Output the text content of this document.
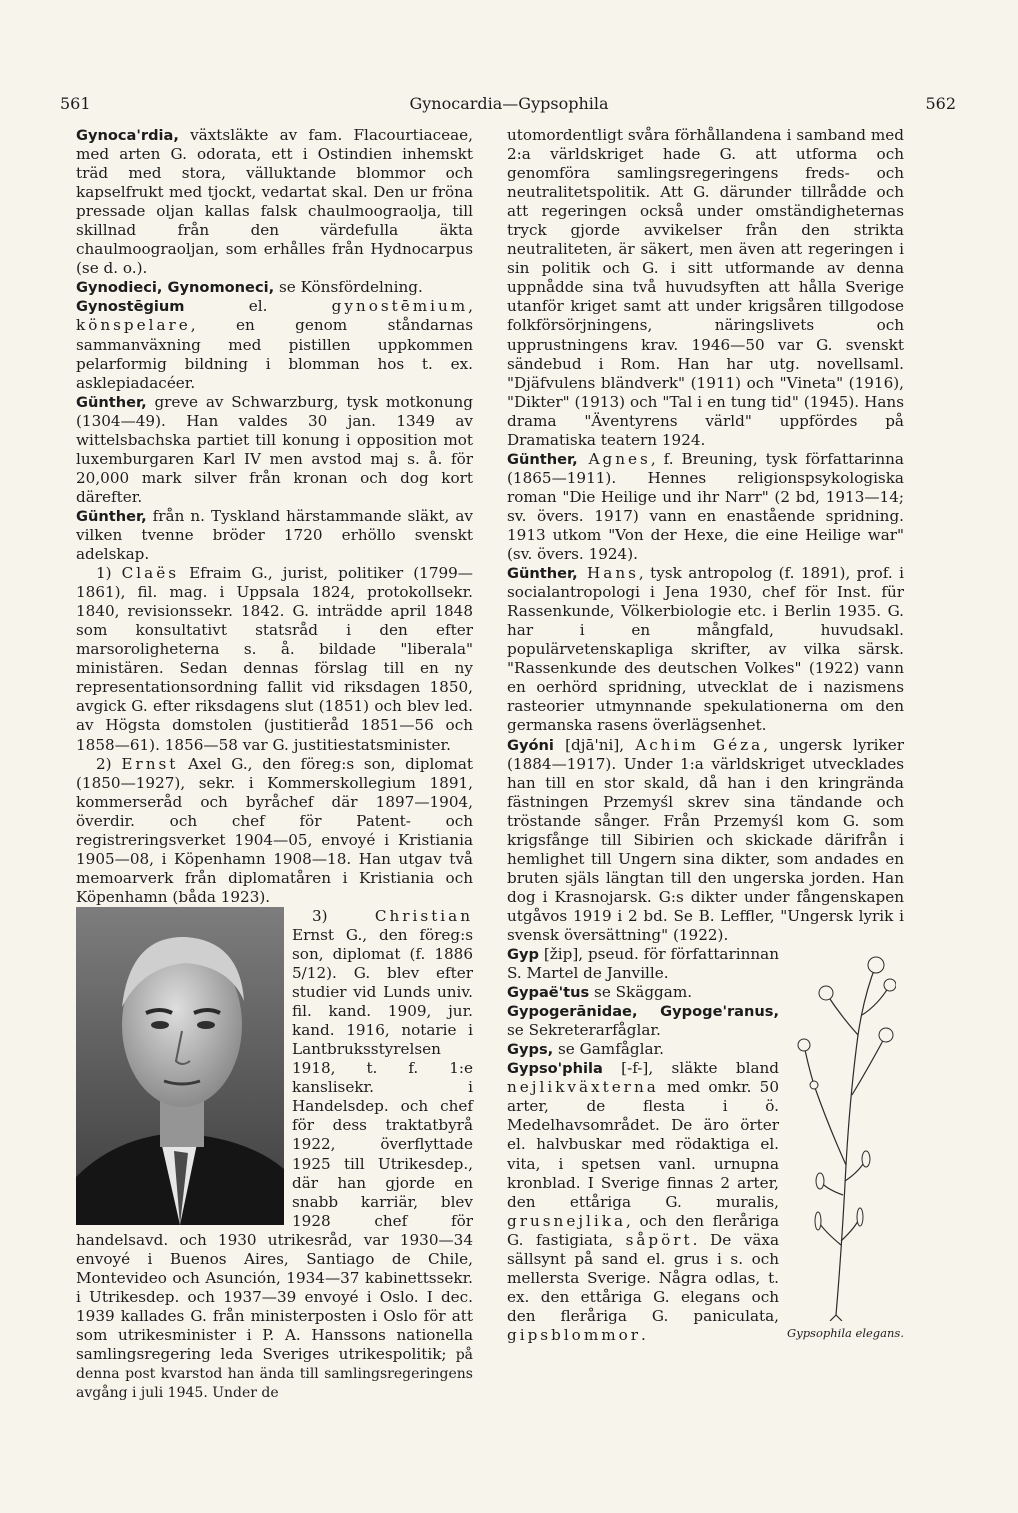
561	Gynocardia—Gypsophila	562

Gynoca'rdia, växtsläkte av fam. Flacourtiaceae, med arten G. odorata, ett i Ostindien inhemskt träd med stora, välluktande blommor och kapselfrukt med tjockt, vedartat skal. Den ur fröna pressade oljan kallas falsk chaulmoograolja, till skillnad från den värdefulla äkta chaulmoograoljan, som erhålles från Hydnocarpus (se d. o.).

Gynodieci, Gynomoneci, se Könsfördelning.

Gynostēgium el. gynostēmium, könspelare, en genom ståndarnas sammanväxning med pistillen uppkommen pelarformig bildning i blomman hos t. ex. asklepiadacéer.

Günther, greve av Schwarzburg, tysk motkonung (1304—49). Han valdes 30 jan. 1349 av wittelsbachska partiet till konung i opposition mot luxemburgaren Karl IV men avstod maj s. å. för 20,000 mark silver från kronan och dog kort därefter.

Günther, från n. Tyskland härstammande släkt, av vilken tvenne bröder 1720 erhöllo svenskt adelskap.

1) Claës Efraim G., jurist, politiker (1799—1861), fil. mag. i Uppsala 1824, protokollsekr. 1840, revisionssekr. 1842. G. inträdde april 1848 som konsultativt statsråd i den efter marsoroligheterna s. å. bildade "liberala" ministären. Sedan dennas förslag till en ny representationsordning fallit vid riksdagen 1850, avgick G. efter riksdagens slut (1851) och blev led. av Högsta domstolen (justitieråd 1851—56 och 1858—61). 1856—58 var G. justitiestatsminister.

2) Ernst Axel G., den föreg:s son, diplomat (1850—1927), sekr. i Kommerskollegium 1891, kommerseråd och byråchef där 1897—1904, överdir. och chef för Patent- och registreringsverket 1904—05, envoyé i Kristiania 1905—08, i Köpenhamn 1908—18. Han utgav två memoarverk från diplomatåren i Kristiania och Köpenhamn (båda 1923).

3) Christian
Ernst G., den föreg:s son, diplomat (f. 1886 5/12). G. blev efter studier vid Lunds univ. fil. kand. 1909, jur. kand. 1916, notarie i Lantbruksstyrelsen 1918, t. f. 1:e kanslisekr. i Handelsdep. och chef för dess traktatbyrå 1922, överflyttade 1925 till Utrikesdep., där han gjorde en snabb karriär, blev 1928 chef för handelsavd. och 1930 utrikesråd, var 1930—34 envoyé i Buenos Aires, Santiago de Chile, Montevideo och Asunción, 1934—37 kabinettssekr. i Utrikesdep. och 1937—39 envoyé i Oslo. I dec. 1939 kallades G. från ministerposten i Oslo för att som utrikesminister i P. A. Hanssons nationella samlingsregering leda Sveriges utrikespolitik; på denna post kvarstod han ända till samlingsregeringens avgång i juli 1945. Under de

utomordentligt svåra förhållandena i samband med 2:a världskriget hade G. att utforma och genomföra samlingsregeringens freds- och neutralitetspolitik. Att G. därunder tillrådde och att regeringen också under omständigheternas tryck gjorde avvikelser från den strikta neutraliteten, är säkert, men även att regeringen i sin politik och G. i sitt utformande av denna uppnådde sina två huvudsyften att hålla Sverige utanför kriget samt att under krigsåren tillgodose folkförsörjningens, näringslivets och upprustningens krav. 1946—50 var G. svenskt sändebud i Rom. Han har utg. novellsaml. "Djäfvulens bländverk" (1911) och "Vineta" (1916), "Dikter" (1913) och "Tal i en tung tid" (1945). Hans drama "Äventyrens värld" uppfördes på Dramatiska teatern 1924.

Günther, Agnes, f. Breuning, tysk författarinna (1865—1911). Hennes religionspsykologiska roman "Die Heilige und ihr Narr" (2 bd, 1913—14; sv. övers. 1917) vann en enastående spridning. 1913 utkom "Von der Hexe, die eine Heilige war" (sv. övers. 1924).

Günther, Hans, tysk antropolog (f. 1891), prof. i socialantropologi i Jena 1930, chef för Inst. für Rassenkunde, Völkerbiologie etc. i Berlin 1935. G. har i en mångfald, huvudsakl. populärvetenskapliga skrifter, av vilka särsk. "Rassenkunde des deutschen Volkes" (1922) vann en oerhörd spridning, utvecklat de i nazismens rasteorier utmynnande spekulationerna om den germanska rasens överlägsenhet.

Gyóni [djā'ni], Achim Géza, ungersk lyriker (1884—1917). Under 1:a världskriget utvecklades han till en stor skald, då han i den kringrända fästningen Przemyśl skrev sina tändande och tröstande sånger. Från Przemyśl kom G. som krigsfånge till Sibirien och skickade därifrån i hemlighet till Ungern sina dikter, som andades en bruten själs längtan till den ungerska jorden. Han dog i Krasnojarsk. G:s dikter under fångenskapen utgåvos 1919 i 2 bd. Se B. Leffler, "Ungersk lyrik i svensk översättning" (1922).

Gypsophila elegans.

Gyp [žip], pseud. för författarinnan S. Martel de Janville.

Gypaë'tus se Skäggam.

Gypogerānidae, Gypoge'ranus, se Sekreterarfåglar.

Gyps, se Gamfåglar.

Gypso'phila [-f-], släkte bland nejlikväxterna med omkr. 50 arter, de flesta i ö. Medelhavsområdet. De äro örter el. halvbuskar med rödaktiga el. vita, i spetsen vanl. urnupna kronblad. I Sverige finnas 2 arter, den ettåriga G. muralis, grusnejlika, och den fleråriga G. fastigiata, såpört. De växa sällsynt på sand el. grus i s. och mellersta Sverige. Några odlas, t. ex. den ettåriga G. elegans och den fleråriga G. paniculata, gipsblommor.
